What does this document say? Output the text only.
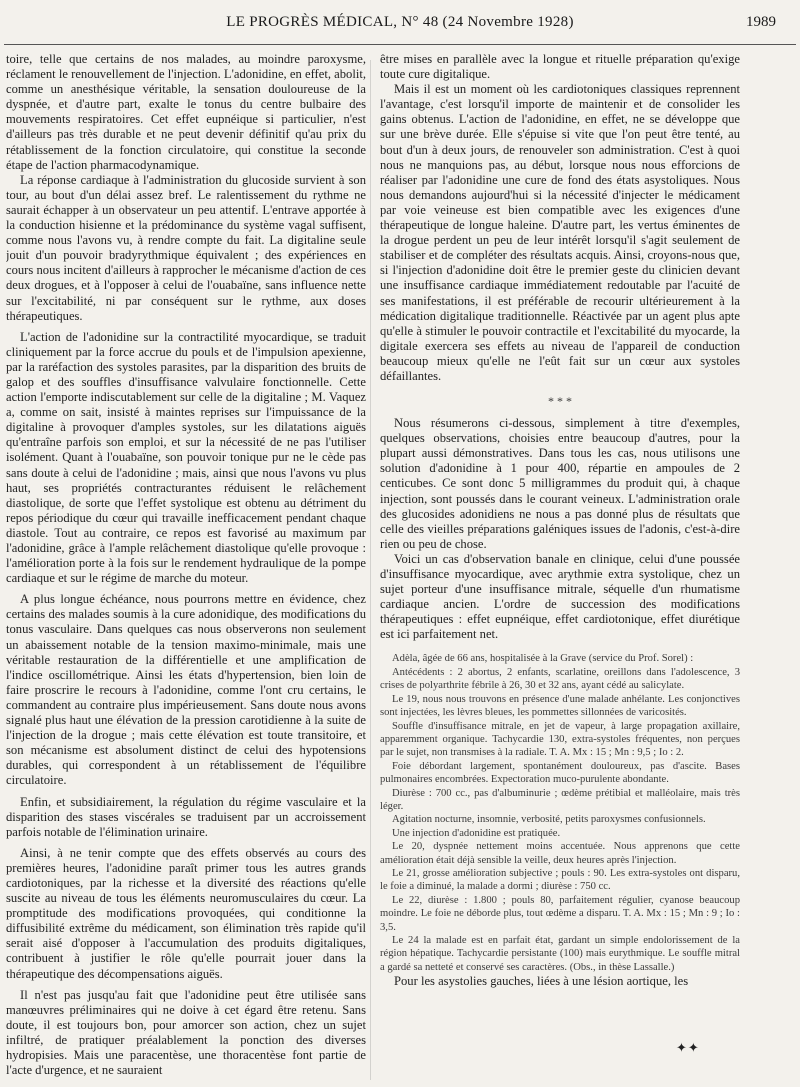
LE PROGRÈS MÉDICAL, N° 48 (24 Novembre 1928)	1989

toire, telle que certains de nos malades, au moindre paroxysme, réclament le renouvellement de l'injection. L'adonidine, en effet, abolit, comme un anesthésique véritable, la sensation douloureuse de la dyspnée, et d'autre part, exalte le tonus du centre bulbaire des mouvements respiratoires. Cet effet eupnéique si particulier, n'est d'ailleurs pas très durable et ne peut devenir définitif qu'au prix du rétablissement de la fonction circulatoire, qui constitue la seconde étape de l'action pharmacodynamique.

La réponse cardiaque à l'administration du glucoside survient à son tour, au bout d'un délai assez bref. Le ralentissement du rythme ne saurait échapper à un observateur un peu attentif. L'entrave apportée à la conduction hisienne et la prédominance du système vagal suffisent, comme nous l'avons vu, à rendre compte du fait. La digitaline seule jouit d'un pouvoir bradyrythmique équivalent ; des expériences en cours nous incitent d'ailleurs à rapprocher le mécanisme d'action de ces deux drogues, et à l'opposer à celui de l'ouabaïne, sans influence nette sur l'excitabilité, ni par conséquent sur le rythme, aux doses thérapeutiques.

L'action de l'adonidine sur la contractilité myocardique, se traduit cliniquement par la force accrue du pouls et de l'impulsion apexienne, par la raréfaction des systoles parasites, par la disparition des bruits de galop et des souffles d'insuffisance valvulaire fonctionnelle. Cette action l'emporte indiscutablement sur celle de la digitaline ; M. Vaquez a, comme on sait, insisté à maintes reprises sur l'impuissance de la digitaline à provoquer d'amples systoles, sur les dilatations aiguës qu'entraîne parfois son emploi, et sur la nécessité de ne pas l'utiliser isolément. Quant à l'ouabaïne, son pouvoir tonique pur ne le cède pas sans doute à celui de l'adonidine ; mais, ainsi que nous l'avons vu plus haut, ses propriétés contracturantes réduisent le relâchement diastolique, de sorte que l'effet systolique est obtenu au détriment du repos périodique du cœur qui travaille inefficacement pendant chaque diastole. Tout au contraire, ce repos est favorisé au maximum par l'adonidine, grâce à l'ample relâchement diastolique qu'elle provoque : l'amélioration porte à la fois sur le rendement hydraulique de la pompe cardiaque et sur le régime de marche du moteur.

A plus longue échéance, nous pourrons mettre en évidence, chez certains des malades soumis à la cure adonidique, des modifications du tonus vasculaire. Dans quelques cas nous observerons non seulement un abaissement notable de la tension maximo-minimale, mais une véritable restauration de la différentielle et une amplification de l'indice oscillométrique. Ainsi les états d'hypertension, bien loin de faire proscrire le recours à l'adonidine, comme l'ont cru certains, le commandent au contraire plus impérieusement. Sans doute nous avons signalé plus haut une élévation de la pression carotidienne à la suite de l'injection de la drogue ; mais cette élévation est toute transitoire, et son mécanisme est absolument distinct de celui des hypotensions durables, qui correspondent à un rétablissement de l'équilibre circulatoire.

Enfin, et subsidiairement, la régulation du régime vasculaire et la disparition des stases viscérales se traduisent par un accroissement parfois notable de l'élimination urinaire.

Ainsi, à ne tenir compte que des effets observés au cours des premières heures, l'adonidine paraît primer tous les autres grands cardiotoniques, par la richesse et la diversité des réactions qu'elle suscite au niveau de tous les éléments neuromusculaires du cœur. La promptitude des modifications provoquées, qui conditionne la diffusibilité extrême du médicament, son élimination très rapide qu'il serait aisé d'opposer à l'accumulation des produits digitaliques, contribuent à justifier le rôle qu'elle pourrait jouer dans la thérapeutique des décompensations aiguës.

Il n'est pas jusqu'au fait que l'adonidine peut être utilisée sans manœuvres préliminaires qui ne doive à cet égard être retenu. Sans doute, il est toujours bon, pour amorcer son action, chez un sujet infiltré, de pratiquer préalablement la ponction des diverses hydropisies. Mais une paracentèse, une thoracentèse font partie de l'acte d'urgence, et ne sauraient

être mises en parallèle avec la longue et rituelle préparation qu'exige toute cure digitalique.

Mais il est un moment où les cardiotoniques classiques reprennent l'avantage, c'est lorsqu'il importe de maintenir et de consolider les gains obtenus. L'action de l'adonidine, en effet, ne se développe que sur une brève durée. Elle s'épuise si vite que l'on peut être tenté, au bout d'un à deux jours, de renouveler son administration. C'est à quoi nous ne manquions pas, au début, lorsque nous nous efforcions de réaliser par l'adonidine une cure de fond des états asystoliques. Nous nous demandons aujourd'hui si la nécessité d'injecter le médicament par voie veineuse est bien compatible avec les exigences d'une thérapeutique de longue haleine. D'autre part, les vertus éminentes de la drogue perdent un peu de leur intérêt lorsqu'il s'agit seulement de stabiliser et de compléter des résultats acquis. Ainsi, croyons-nous que, si l'injection d'adonidine doit être le premier geste du clinicien devant une insuffisance cardiaque immédiatement redoutable par l'acuité de ses manifestations, il est préférable de recourir ultérieurement à la médication digitalique traditionnelle. Réactivée par un agent plus apte qu'elle à stimuler le pouvoir contractile et l'excitabilité du myocarde, la digitale exercera ses effets au niveau de l'appareil de conduction beaucoup mieux qu'elle ne l'eût fait sur un cœur aux systoles défaillantes.

* * *

Nous résumerons ci-dessous, simplement à titre d'exemples, quelques observations, choisies entre beaucoup d'autres, pour la plupart aussi démonstratives. Dans tous les cas, nous utilisons une solution d'adonidine à 1 pour 400, répartie en ampoules de 2 centicubes. Ce sont donc 5 milligrammes du produit qui, à chaque injection, sont poussés dans le courant veineux. L'administration orale des glucosides adonidiens ne nous a pas donné plus de résultats que celle des vieilles préparations galéniques issues de l'adonis, c'est-à-dire rien ou peu de chose.

Voici un cas d'observation banale en clinique, celui d'une poussée d'insuffisance myocardique, avec arythmie extra systolique, chez un sujet porteur d'une insuffisance mitrale, séquelle d'un rhumatisme cardiaque ancien. L'ordre de succession des modifications thérapeutiques : effet eupnéique, effet cardiotonique, effet diurétique est ici parfaitement net.

Adèla, âgée de 66 ans, hospitalisée à la Grave (service du Prof. Sorel) :

Antécédents : 2 abortus, 2 enfants, scarlatine, oreillons dans l'adolescence, 3 crises de polyarthrite fébrile à 26, 30 et 32 ans, ayant cédé au salicylate.

Le 19, nous nous trouvons en présence d'une malade anhélante. Les conjonctives sont injectées, les lèvres bleues, les pommettes sillonnées de varicosités.

Souffle d'insuffisance mitrale, en jet de vapeur, à large propagation axillaire, apparemment organique. Tachycardie 130, extra-systoles fréquentes, non perçues par le sujet, non transmises à la radiale. T. A. Mx : 15 ; Mn : 9,5 ; Io : 2.

Foie débordant largement, spontanément douloureux, pas d'ascite. Bases pulmonaires encombrées. Expectoration muco-purulente abondante.

Diurèse : 700 cc., pas d'albuminurie ; œdème prétibial et malléolaire, mais très léger.

Agitation nocturne, insomnie, verbosité, petits paroxysmes confusionnels.

Une injection d'adonidine est pratiquée.

Le 20, dyspnée nettement moins accentuée. Nous apprenons que cette amélioration était déjà sensible la veille, deux heures après l'injection.

Le 21, grosse amélioration subjective ; pouls : 90. Les extra-systoles ont disparu, le foie a diminué, la malade a dormi ; diurèse : 750 cc.

Le 22, diurèse : 1.800 ; pouls 80, parfaitement régulier, cyanose beaucoup moindre. Le foie ne déborde plus, tout œdème a disparu. T. A. Mx : 15 ; Mn : 9 ; Io : 3,5.

Le 24 la malade est en parfait état, gardant un simple endolorissement de la région hépatique. Tachycardie persistante (100) mais eurythmique. Le souffle mitral a gardé sa netteté et conservé ses caractères. (Obs., in thèse Lassalle.)

Pour les asystolies gauches, liées à une lésion aortique, les

✦✦
